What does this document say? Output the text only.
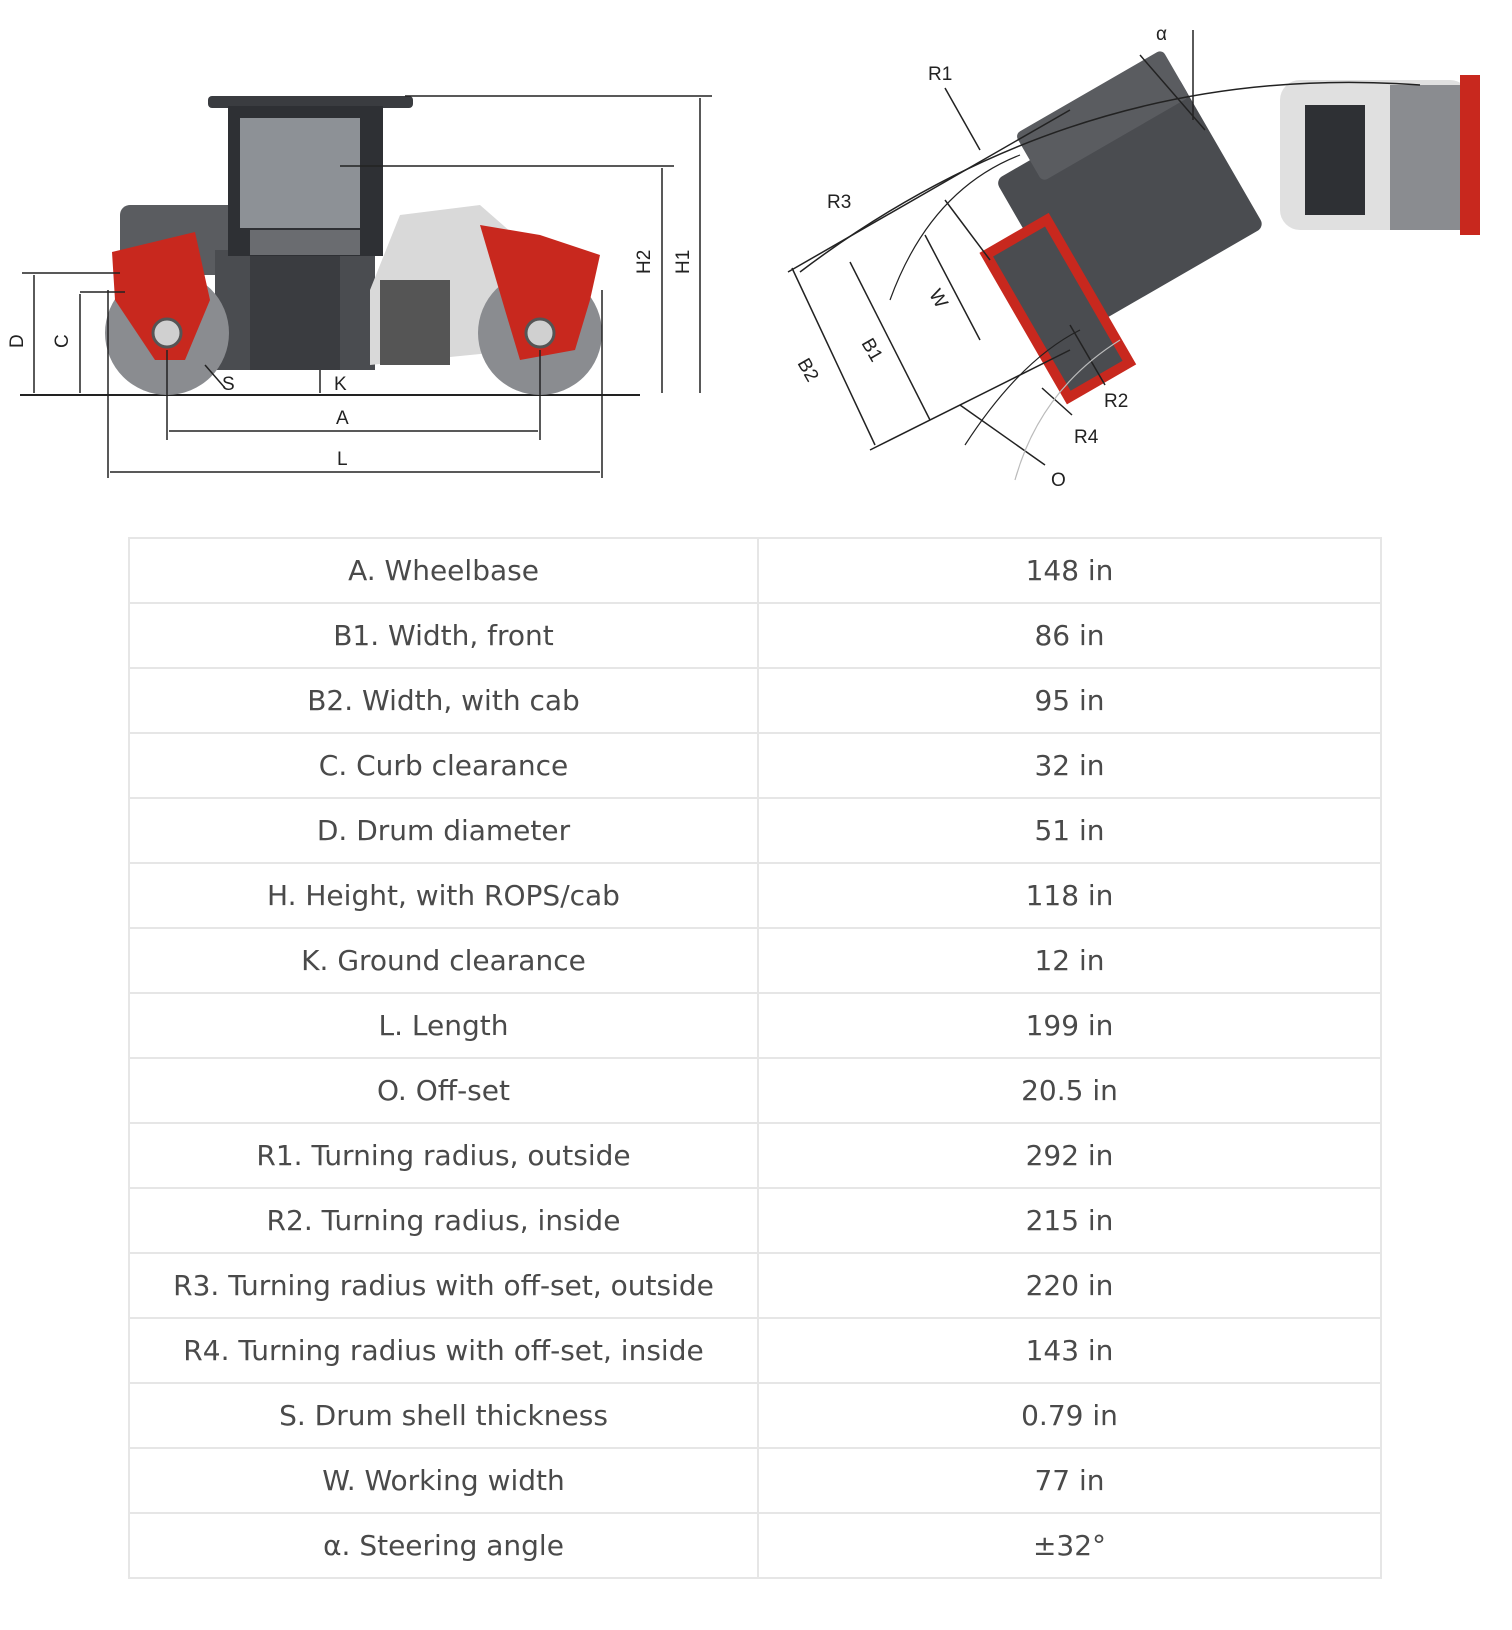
D C
S	K
A
L
H2 H1
α
R1
R3
W
B1
B2
R2
R4
O
A. Wheelbase	148 in
B1. Width, front	86 in
B2. Width, with cab	95 in
C. Curb clearance	32 in
D. Drum diameter	51 in
H. Height, with ROPS/cab	118 in
K. Ground clearance	12 in
L. Length	199 in
O. Off-set	20.5 in
R1. Turning radius, outside	292 in
R2. Turning radius, inside	215 in
R3. Turning radius with off-set, outside	220 in
R4. Turning radius with off-set, inside	143 in
S. Drum shell thickness	0.79 in
W. Working width	77 in
α. Steering angle	±32°
